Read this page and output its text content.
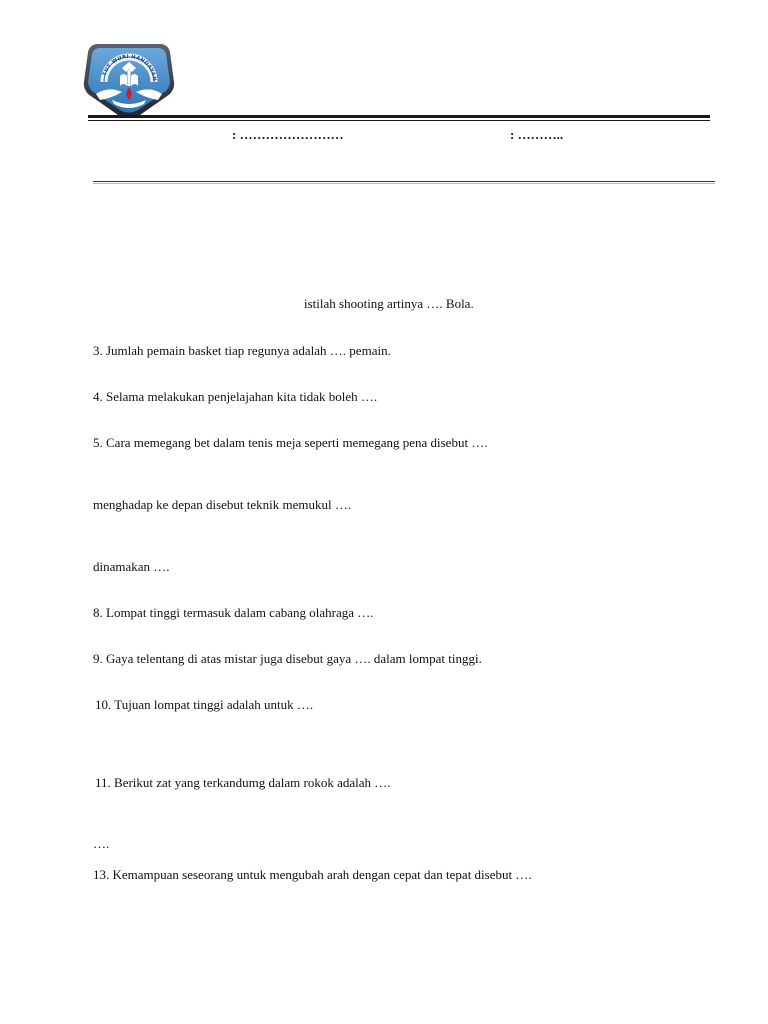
TUT WURI HANDAYAN
: ……………………	: ………..
istilah shooting artinya …. Bola.
3. Jumlah pemain basket tiap regunya adalah …. pemain.
4. Selama melakukan penjelajahan kita tidak boleh ….
5. Cara memegang bet dalam tenis meja seperti memegang pena disebut ….
menghadap ke depan disebut teknik memukul ….
dinamakan ….
8. Lompat tinggi termasuk dalam cabang olahraga ….
9. Gaya telentang di atas mistar juga disebut gaya …. dalam lompat tinggi.
10. Tujuan lompat tinggi adalah untuk ….
11. Berikut zat yang terkandumg dalam rokok adalah ….
….
13. Kemampuan seseorang untuk mengubah arah dengan cepat dan tepat disebut ….
